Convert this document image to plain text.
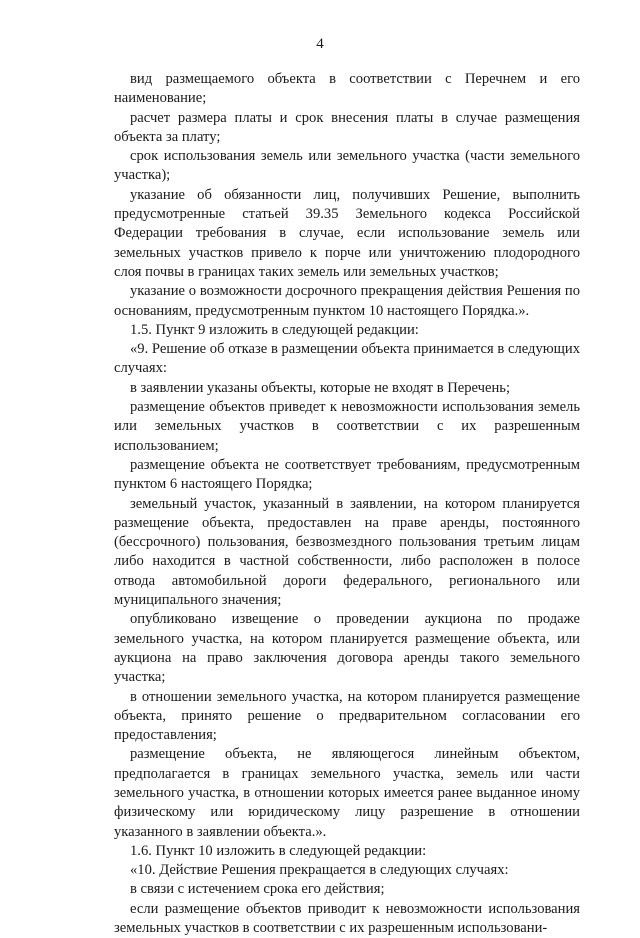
4

вид размещаемого объекта в соответствии с Перечнем и его наименование;

расчет размера платы и срок внесения платы в случае размещения объекта за плату;

срок использования земель или земельного участка (части земельного участка);

указание об обязанности лиц, получивших Решение, выполнить предусмотренные статьей 39.35 Земельного кодекса Российской Федерации требования в случае, если использование земель или земельных участков привело к порче или уничтожению плодородного слоя почвы в границах таких земель или земельных участков;

указание о возможности досрочного прекращения действия Решения по основаниям, предусмотренным пунктом 10 настоящего Порядка.».

1.5. Пункт 9 изложить в следующей редакции:

«9. Решение об отказе в размещении объекта принимается в следующих случаях:

в заявлении указаны объекты, которые не входят в Перечень;

размещение объектов приведет к невозможности использования земель или земельных участков в соответствии с их разрешенным использованием;

размещение объекта не соответствует требованиям, предусмотренным пунктом 6 настоящего Порядка;

земельный участок, указанный в заявлении, на котором планируется размещение объекта, предоставлен на праве аренды, постоянного (бессрочного) пользования, безвозмездного пользования третьим лицам либо находится в частной собственности, либо расположен в полосе отвода автомобильной дороги федерального, регионального или муниципального значения;

опубликовано извещение о проведении аукциона по продаже земельного участка, на котором планируется размещение объекта, или аукциона на право заключения договора аренды такого земельного участка;

в отношении земельного участка, на котором планируется размещение объекта, принято решение о предварительном согласовании его предоставления;

размещение объекта, не являющегося линейным объектом, предполагается в границах земельного участка, земель или части земельного участка, в отношении которых имеется ранее выданное иному физическому или юридическому лицу разрешение в отношении указанного в заявлении объекта.».

1.6. Пункт 10 изложить в следующей редакции:

«10. Действие Решения прекращается в следующих случаях:

в связи с истечением срока его действия;

если размещение объектов приводит к невозможности использования земельных участков в соответствии с их разрешенным использовани-
